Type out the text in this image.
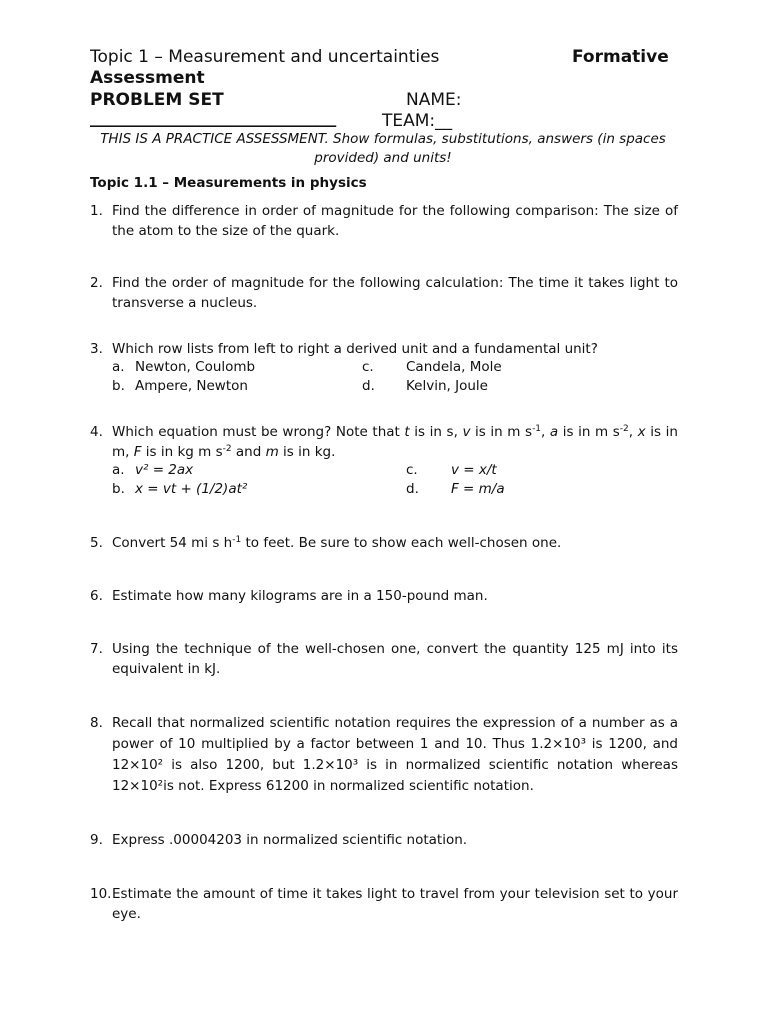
Topic 1 – Measurement and uncertainties	Formative
Assessment
PROBLEM SET	NAME:
______________________________	TEAM:__
THIS IS A PRACTICE ASSESSMENT. Show formulas, substitutions, answers (in spaces provided) and units!
Topic 1.1 – Measurements in physics
1. Find the difference in order of magnitude for the following comparison: The size of the atom to the size of the quark.
2. Find the order of magnitude for the following calculation: The time it takes light to transverse a nucleus.
3. Which row lists from left to right a derived unit and a fundamental unit?
a. Newton, Coulomb
b. Ampere, Newton
c. Candela, Mole
d. Kelvin, Joule
4. Which equation must be wrong? Note that t is in s, v is in m $s^{-1}$, a is in m $s^{-2}$, x is in m, F is in kg m $s^{-2}$ and m is in kg.
a. v² = 2ax
b. x = vt + (1/2)at²
c. v = x/t
d. F = m/a
5. Convert 54 mi s $h^{-1}$ to feet. Be sure to show each well-chosen one.
6. Estimate how many kilograms are in a 150-pound man.
7. Using the technique of the well-chosen one, convert the quantity 125 mJ into its equivalent in kJ.
8. Recall that normalized scientific notation requires the expression of a number as a power of 10 multiplied by a factor between 1 and 10. Thus 1.2×10³ is 1200, and 12×10² is also 1200, but 1.2×10³ is in normalized scientific notation whereas 12×10²is not. Express 61200 in normalized scientific notation.
9. Express .00004203 in normalized scientific notation.
10. Estimate the amount of time it takes light to travel from your television set to your eye.
